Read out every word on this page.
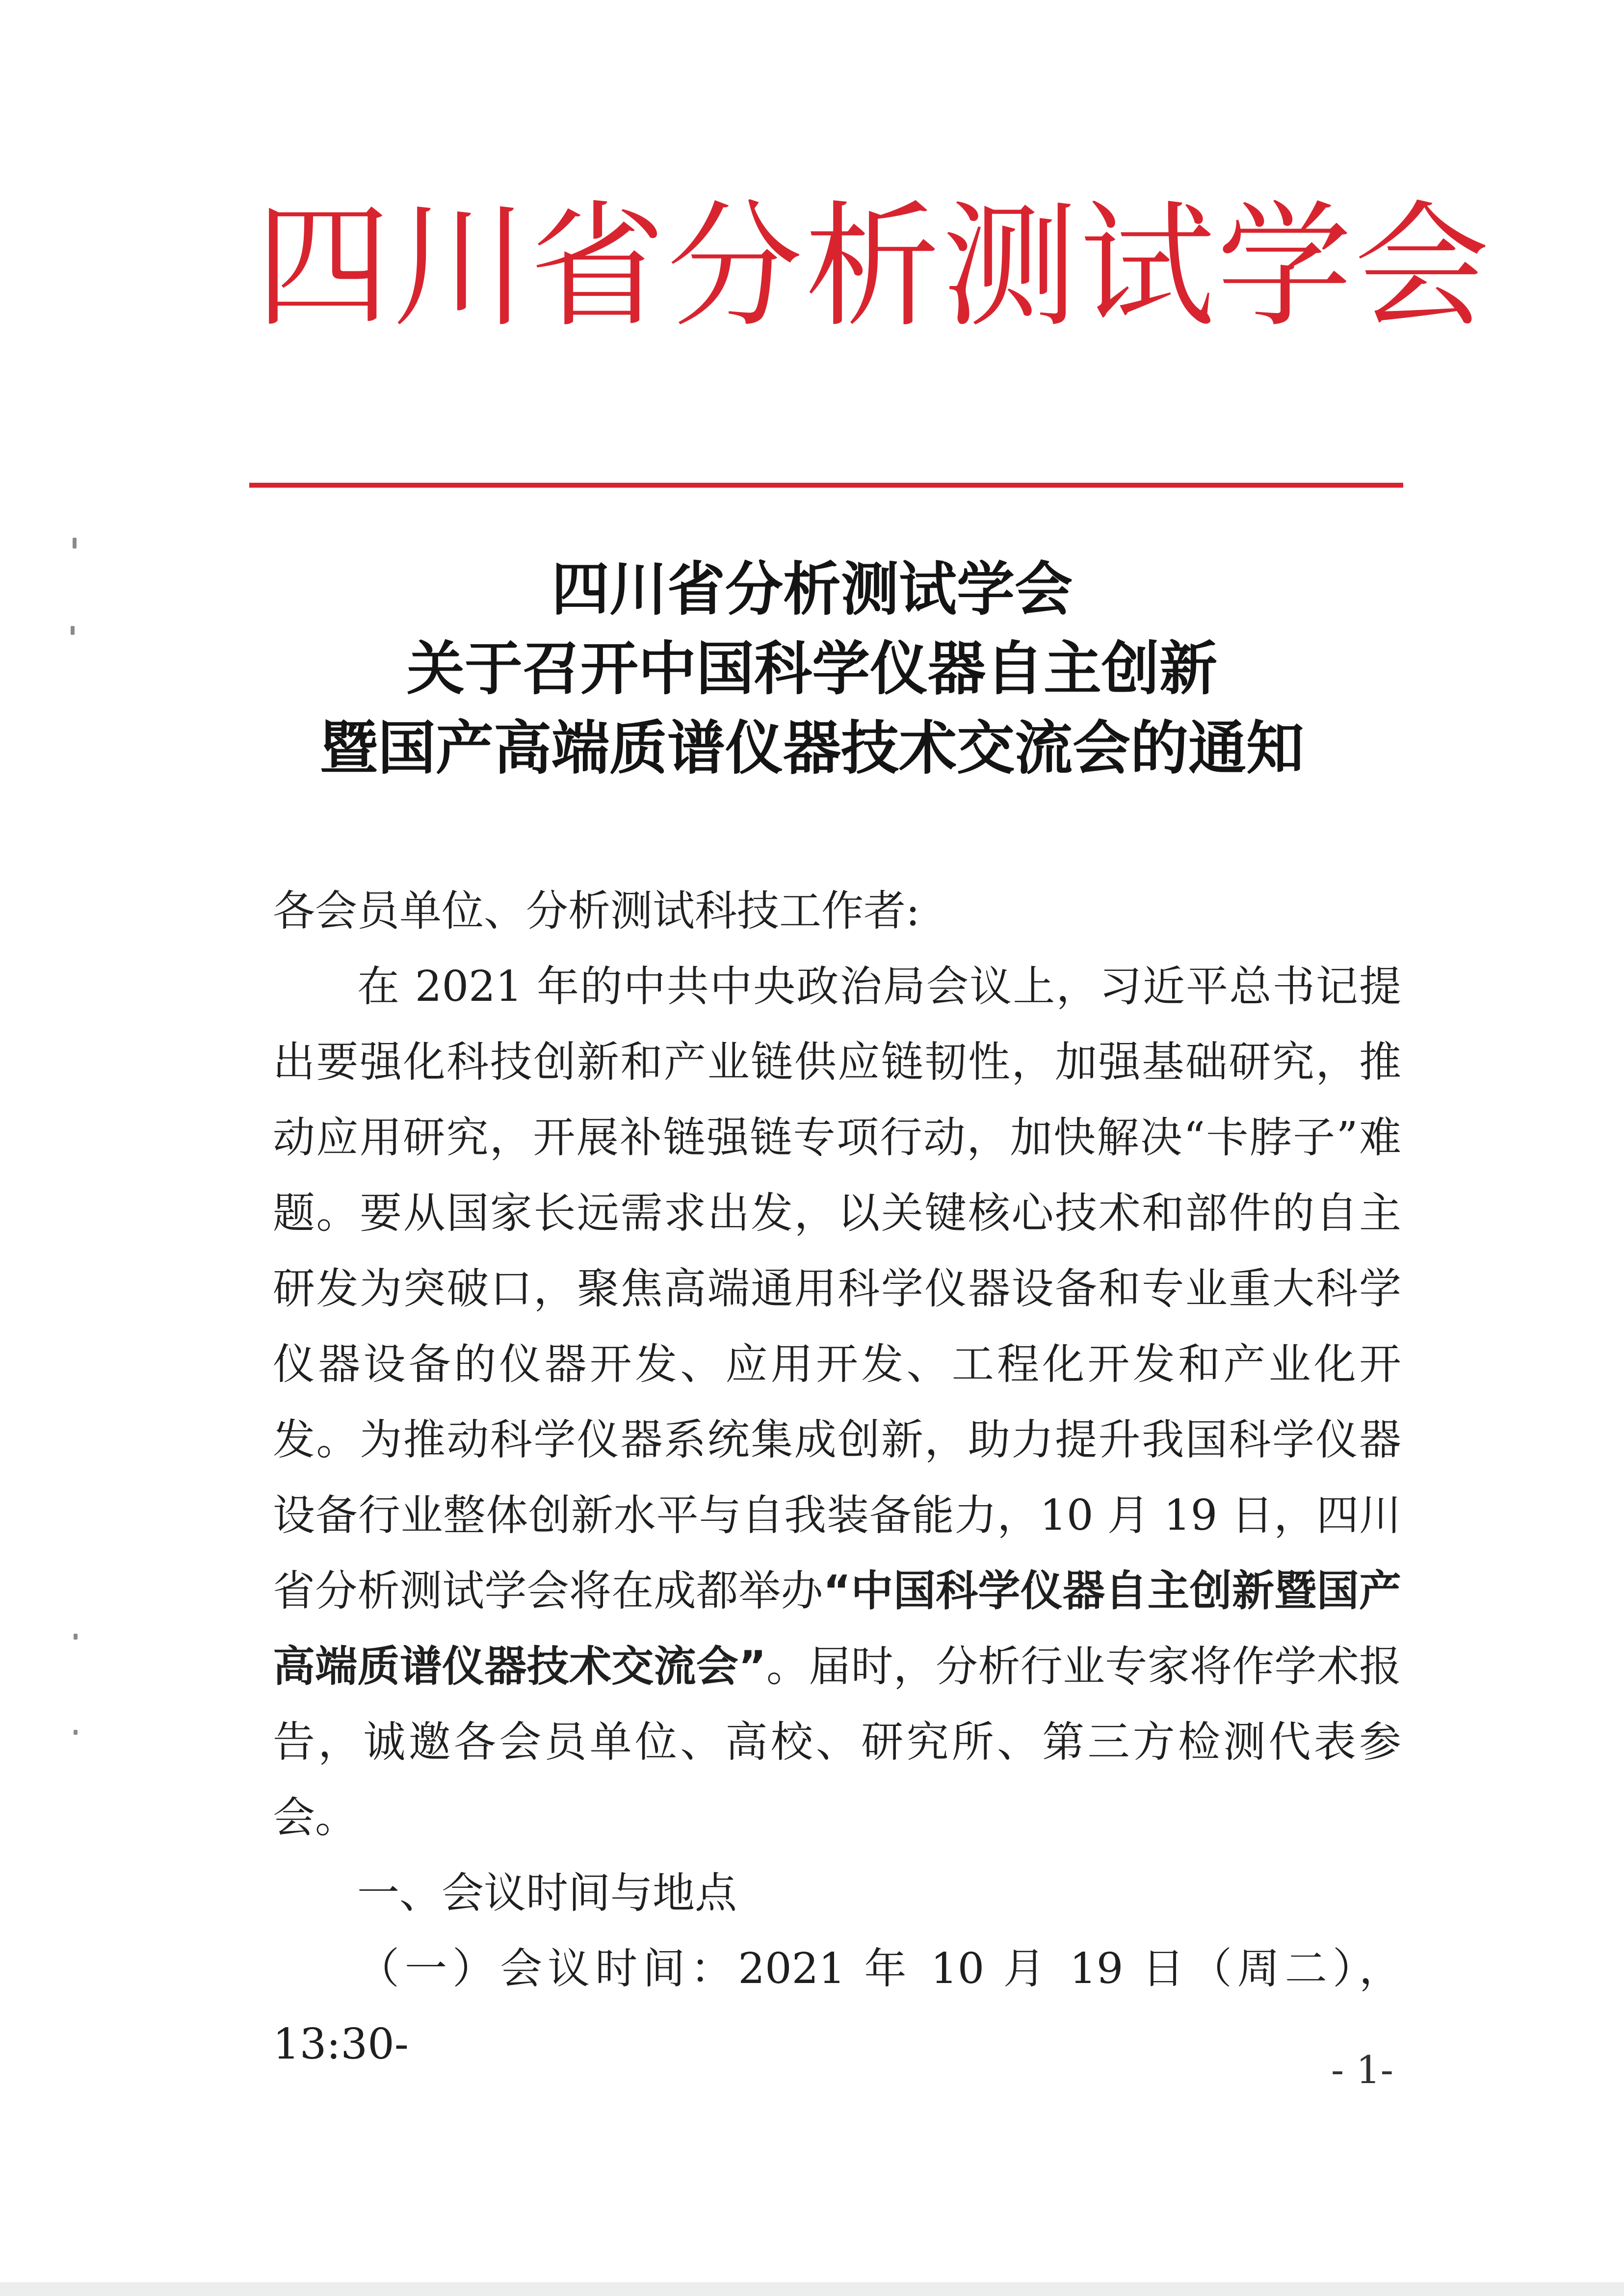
四川省分析测试学会
四川省分析测试学会
关于召开中国科学仪器自主创新
暨国产高端质谱仪器技术交流会的通知

各会员单位、分析测试科技工作者:

在 2021 年的中共中央政治局会议上，习近平总书记提出要强化科技创新和产业链供应链韧性，加强基础研究，推动应用研究，开展补链强链专项行动，加快解决“卡脖子”难题。要从国家长远需求出发，以关键核心技术和部件的自主研发为突破口，聚焦高端通用科学仪器设备和专业重大科学仪器设备的仪器开发、应用开发、工程化开发和产业化开发。为推动科学仪器系统集成创新，助力提升我国科学仪器设备行业整体创新水平与自我装备能力，10 月 19 日，四川省分析测试学会将在成都举办“中国科学仪器自主创新暨国产高端质谱仪器技术交流会”。届时，分析行业专家将作学术报告，诚邀各会员单位、高校、研究所、第三方检测代表参会。

一、会议时间与地点

（一）会议时间：2021 年 10 月 19 日（周二），13:30-

- 1-
